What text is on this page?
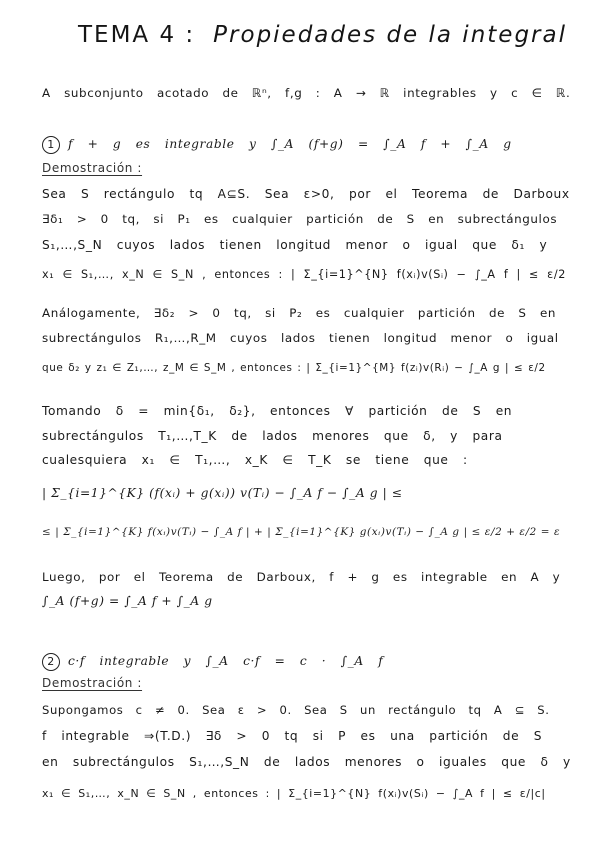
TEMA 4 : Propiedades de la integral
A subconjunto acotado de ℝⁿ, f,g : A → ℝ integrables y c ∈ ℝ.
1 f + g es integrable y ∫_A (f+g) = ∫_A f + ∫_A g
Demostración :
Sea S rectángulo tq A⊆S. Sea ε>0, por el Teorema de Darboux
∃δ₁ > 0 tq, si P₁ es cualquier partición de S en subrectángulos
S₁,…,S_N cuyos lados tienen longitud menor o igual que δ₁ y
x₁ ∈ S₁,…, x_N ∈ S_N , entonces : | Σ_{i=1}^{N} f(xᵢ)v(Sᵢ) − ∫_A f | ≤ ε/2
Análogamente, ∃δ₂ > 0 tq, si P₂ es cualquier partición de S en
subrectángulos R₁,…,R_M cuyos lados tienen longitud menor o igual
que δ₂ y z₁ ∈ Z₁,…, z_M ∈ S_M , entonces : | Σ_{i=1}^{M} f(zᵢ)v(Rᵢ) − ∫_A g | ≤ ε/2
Tomando δ = min{δ₁, δ₂}, entonces ∀ partición de S en
subrectángulos T₁,…,T_K de lados menores que δ, y para
cualesquiera x₁ ∈ T₁,…, x_K ∈ T_K se tiene que :
| Σ_{i=1}^{K} (f(xᵢ) + g(xᵢ)) v(Tᵢ) − ∫_A f − ∫_A g | ≤
≤ | Σ_{i=1}^{K} f(xᵢ)v(Tᵢ) − ∫_A f | + | Σ_{i=1}^{K} g(xᵢ)v(Tᵢ) − ∫_A g | ≤ ε/2 + ε/2 = ε
Luego, por el Teorema de Darboux, f + g es integrable en A y
∫_A (f+g) = ∫_A f + ∫_A g
2 c·f integrable y ∫_A c·f = c · ∫_A f
Demostración :
Supongamos c ≠ 0. Sea ε > 0. Sea S un rectángulo tq A ⊆ S.
f integrable ⇒(T.D.) ∃δ > 0 tq si P es una partición de S
en subrectángulos S₁,…,S_N de lados menores o iguales que δ y
x₁ ∈ S₁,…, x_N ∈ S_N , entonces : | Σ_{i=1}^{N} f(xᵢ)v(Sᵢ) − ∫_A f | ≤ ε/|c|
